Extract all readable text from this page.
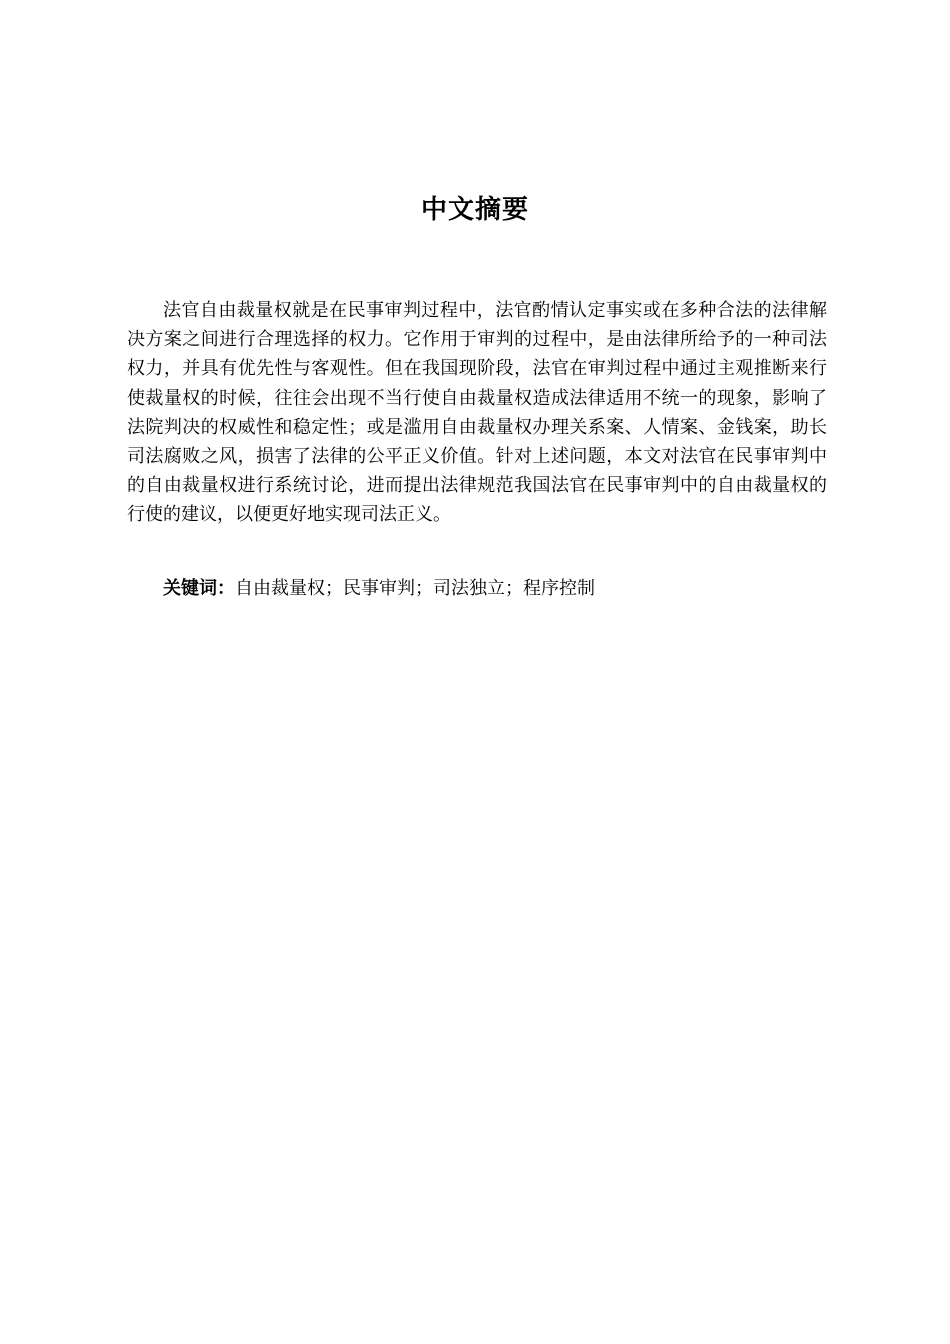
中文摘要

法官自由裁量权就是在民事审判过程中，法官酌情认定事实或在多种合法的法律解决方案之间进行合理选择的权力。它作用于审判的过程中，是由法律所给予的一种司法权力，并具有优先性与客观性。但在我国现阶段，法官在审判过程中通过主观推断来行使裁量权的时候，往往会出现不当行使自由裁量权造成法律适用不统一的现象，影响了法院判决的权威性和稳定性；或是滥用自由裁量权办理关系案、人情案、金钱案，助长司法腐败之风，损害了法律的公平正义价值。针对上述问题，本文对法官在民事审判中的自由裁量权进行系统讨论，进而提出法律规范我国法官在民事审判中的自由裁量权的行使的建议，以便更好地实现司法正义。

关键词：自由裁量权；民事审判；司法独立；程序控制
